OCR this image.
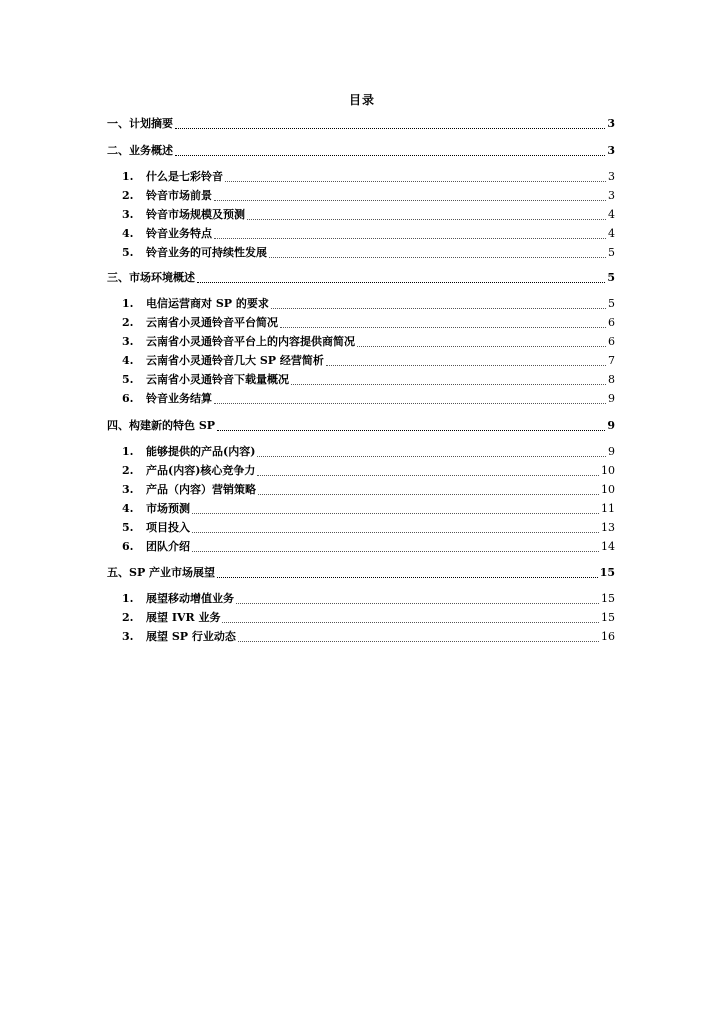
目录
一、计划摘要	3
二、业务概述	3
1.	什么是七彩铃音	3
2.	铃音市场前景	3
3.	铃音市场规模及预测	4
4.	铃音业务特点	4
5.	铃音业务的可持续性发展	5
三、市场环境概述	5
1.	电信运营商对 SP 的要求	5
2.	云南省小灵通铃音平台简况	6
3.	云南省小灵通铃音平台上的内容提供商简况	6
4.	云南省小灵通铃音几大 SP 经营简析	7
5.	云南省小灵通铃音下载量概况	8
6.	铃音业务结算	9
四、构建新的特色 SP	9
1.	能够提供的产品(内容)	9
2.	产品(内容)核心竞争力	10
3.	产品（内容）营销策略	10
4.	市场预测	11
5.	项目投入	13
6.	团队介绍	14
五、SP 产业市场展望	15
1.	展望移动增值业务	15
2.	展望 IVR 业务	15
3.	展望 SP 行业动态	16
